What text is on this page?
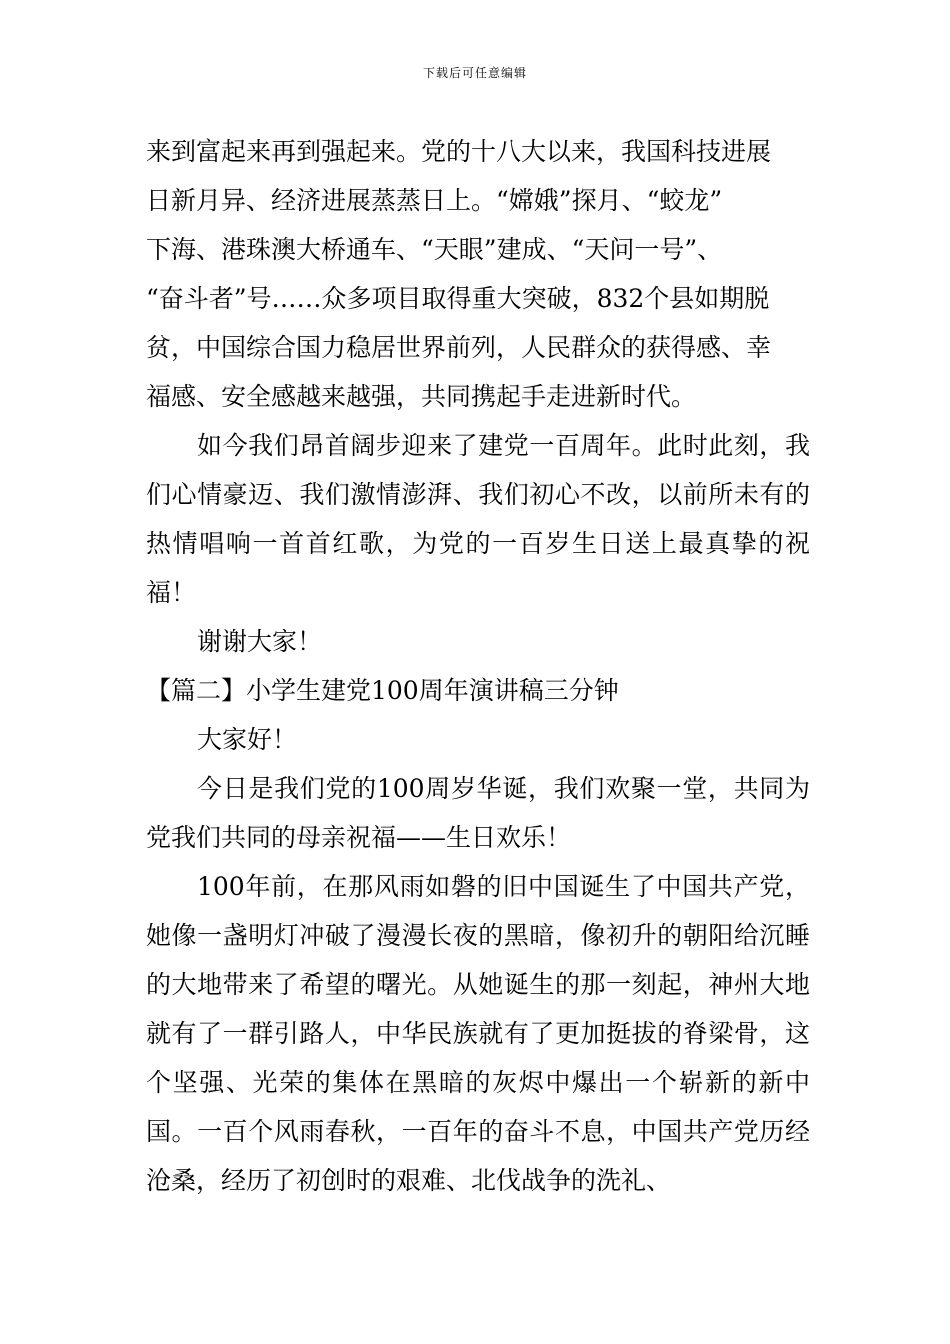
下载后可任意编辑

来到富起来再到强起来。党的十八大以来，我国科技进展

日新月异、经济进展蒸蒸日上。“嫦娥”探月、“蛟龙”

下海、港珠澳大桥通车、“天眼”建成、“天问一号”、

“奋斗者”号……众多项目取得重大突破，832个县如期脱

贫，中国综合国力稳居世界前列，人民群众的获得感、幸

福感、安全感越来越强，共同携起手走进新时代。

如今我们昂首阔步迎来了建党一百周年。此时此刻，我们心情豪迈、我们激情澎湃、我们初心不改，以前所未有的热情唱响一首首红歌，为党的一百岁生日送上最真挚的祝福！

谢谢大家！

【篇二】小学生建党100周年演讲稿三分钟

大家好！

今日是我们党的100周岁华诞，我们欢聚一堂，共同为党我们共同的母亲祝福——生日欢乐！

100年前，在那风雨如磐的旧中国诞生了中国共产党，她像一盏明灯冲破了漫漫长夜的黑暗，像初升的朝阳给沉睡的大地带来了希望的曙光。从她诞生的那一刻起，神州大地就有了一群引路人，中华民族就有了更加挺拔的脊梁骨，这个坚强、光荣的集体在黑暗的灰烬中爆出一个崭新的新中国。一百个风雨春秋，一百年的奋斗不息，中国共产党历经沧桑，经历了初创时的艰难、北伐战争的洗礼、
